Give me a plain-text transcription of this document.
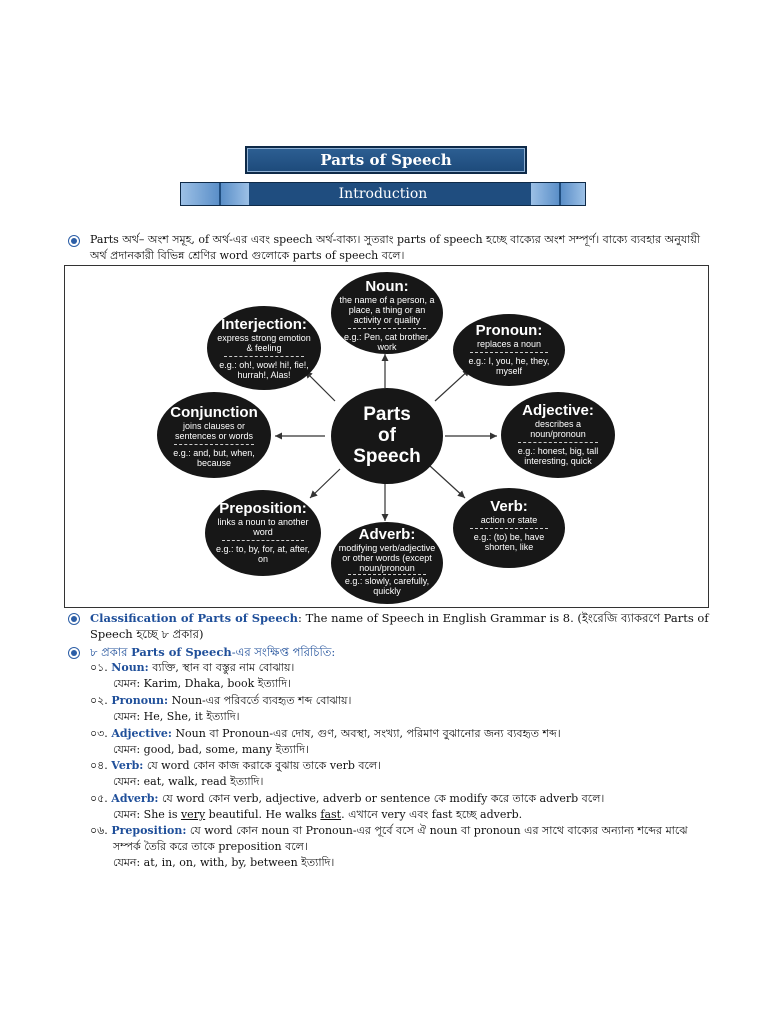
Parts of Speech
Introduction
Parts অর্থ– অংশ সমূহ, of অর্থ-এর এবং speech অর্থ-বাক্য। সুতরাং parts of speech হচ্ছে বাক্যের অংশ সম্পূর্ণ। বাক্যে ব্যবহার অনুযায়ী
অর্থ প্রদানকারী বিভিন্ন শ্রেণির word গুলোকে parts of speech বলে।
Parts
of
Speech
Noun:
the name of a person, a place, a thing or an activity or quality
e.g.: Pen, cat brother, work
Pronoun:
replaces a noun
e.g.: I, you, he, they, myself
Adjective:
describes a noun/pronoun
e.g.: honest, big, tall interesting, quick
Verb:
action or state
e.g.: (to) be, have shorten, like
Adverb:
modifying verb/adjective or other words (except noun/pronoun
e.g.: slowly, carefully, quickly
Preposition:
links a noun to another word
e.g.: to, by, for, at, after, on
Conjunction
joins clauses or sentences or words
e.g.: and, but, when, because
Interjection:
express strong emotion & feeling
e.g.: oh!, wow! hi!, fie!, hurrah!, Alas!
Classification of Parts of Speech: The name of Speech in English Grammar is 8. (ইংরেজি ব্যাকরণে Parts of
Speech হচ্ছে ৮ প্রকার)
৮ প্রকার Parts of Speech-এর সংক্ষিপ্ত পরিচিতি:
০১. Noun: ব্যক্তি, স্থান বা বস্তুর নাম বোঝায়।
যেমন: Karim, Dhaka, book ইত্যাদি।
০২. Pronoun: Noun-এর পরিবর্তে ব্যবহৃত শব্দ বোঝায়।
যেমন: He, She, it ইত্যাদি।
০৩. Adjective: Noun বা Pronoun-এর দোষ, গুণ, অবস্থা, সংখ্যা, পরিমাণ বুঝানোর জন্য ব্যবহৃত শব্দ।
যেমন: good, bad, some, many ইত্যাদি।
০৪. Verb: যে word কোন কাজ করাকে বুঝায় তাকে verb বলে।
যেমন: eat, walk, read ইত্যাদি।
০৫. Adverb: যে word কোন verb, adjective, adverb or sentence কে modify করে তাকে adverb বলে।
যেমন: She is very beautiful. He walks fast. এখানে very এবং fast হচ্ছে adverb.
০৬. Preposition: যে word কোন noun বা Pronoun-এর পূর্বে বসে ঐ noun বা pronoun এর সাথে বাক্যের অন্যান্য শব্দের মাঝে
সম্পর্ক তৈরি করে তাকে preposition বলে।
যেমন: at, in, on, with, by, between ইত্যাদি।
